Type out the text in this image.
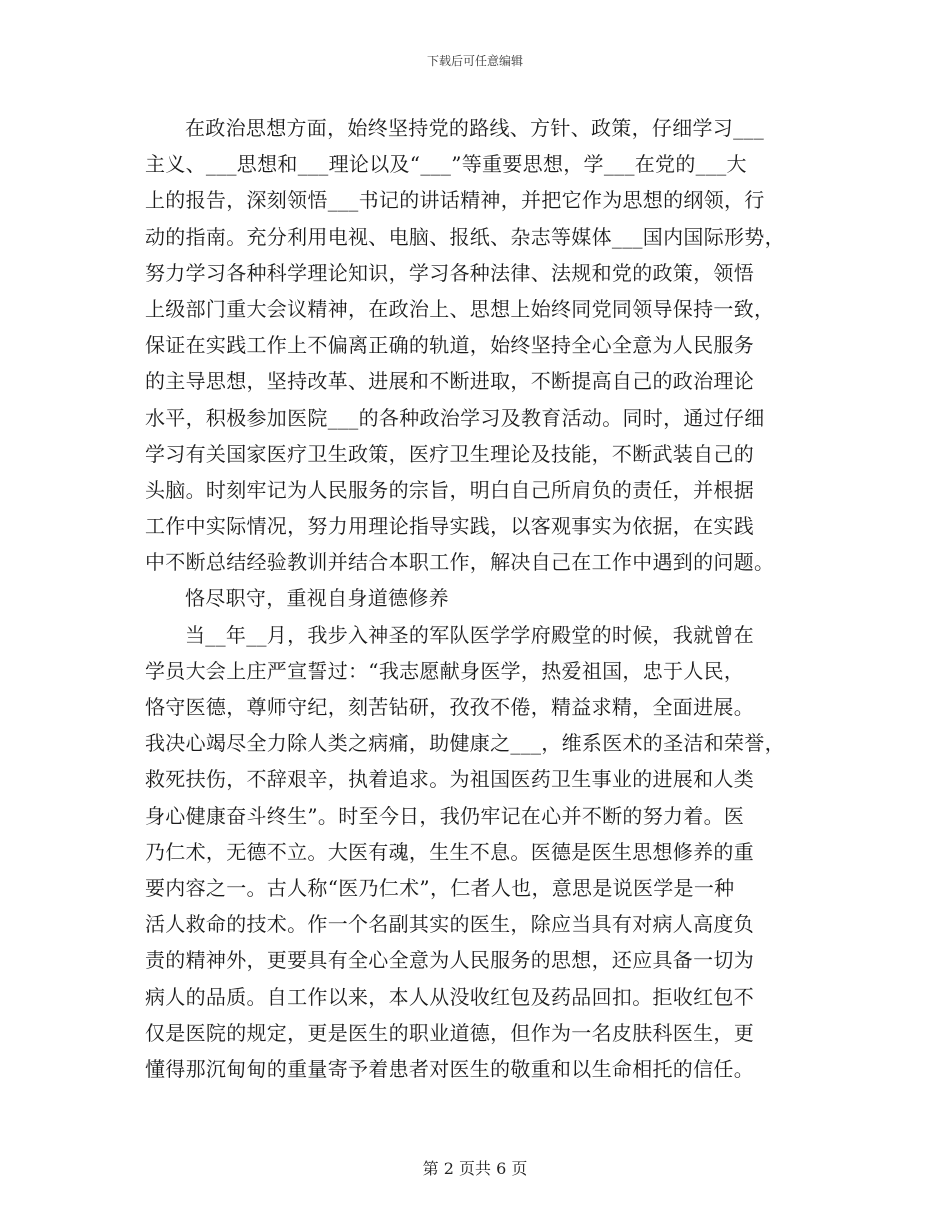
下载后可任意编辑
在政治思想方面，始终坚持党的路线、方针、政策，仔细学习___
主义、___思想和___理论以及“___”等重要思想，学___在党的___大
上的报告，深刻领悟___书记的讲话精神，并把它作为思想的纲领，行
动的指南。充分利用电视、电脑、报纸、杂志等媒体___国内国际形势，
努力学习各种科学理论知识，学习各种法律、法规和党的政策，领悟
上级部门重大会议精神，在政治上、思想上始终同党同领导保持一致，
保证在实践工作上不偏离正确的轨道，始终坚持全心全意为人民服务
的主导思想，坚持改革、进展和不断进取，不断提高自己的政治理论
水平，积极参加医院___的各种政治学习及教育活动。同时，通过仔细
学习有关国家医疗卫生政策，医疗卫生理论及技能，不断武装自己的
头脑。时刻牢记为人民服务的宗旨，明白自己所肩负的责任，并根据
工作中实际情况，努力用理论指导实践，以客观事实为依据，在实践
中不断总结经验教训并结合本职工作，解决自己在工作中遇到的问题。
恪尽职守，重视自身道德修养
当__年__月，我步入神圣的军队医学学府殿堂的时候，我就曾在
学员大会上庄严宣誓过：“我志愿献身医学，热爱祖国，忠于人民，
恪守医德，尊师守纪，刻苦钻研，孜孜不倦，精益求精，全面进展。
我决心竭尽全力除人类之病痛，助健康之___，维系医术的圣洁和荣誉，
救死扶伤，不辞艰辛，执着追求。为祖国医药卫生事业的进展和人类
身心健康奋斗终生”。时至今日，我仍牢记在心并不断的努力着。医
乃仁术，无德不立。大医有魂，生生不息。医德是医生思想修养的重
要内容之一。古人称“医乃仁术”，仁者人也，意思是说医学是一种
活人救命的技术。作一个名副其实的医生，除应当具有对病人高度负
责的精神外，更要具有全心全意为人民服务的思想，还应具备一切为
病人的品质。自工作以来，本人从没收红包及药品回扣。拒收红包不
仅是医院的规定，更是医生的职业道德，但作为一名皮肤科医生，更
懂得那沉甸甸的重量寄予着患者对医生的敬重和以生命相托的信任。
第 2 页共 6 页
